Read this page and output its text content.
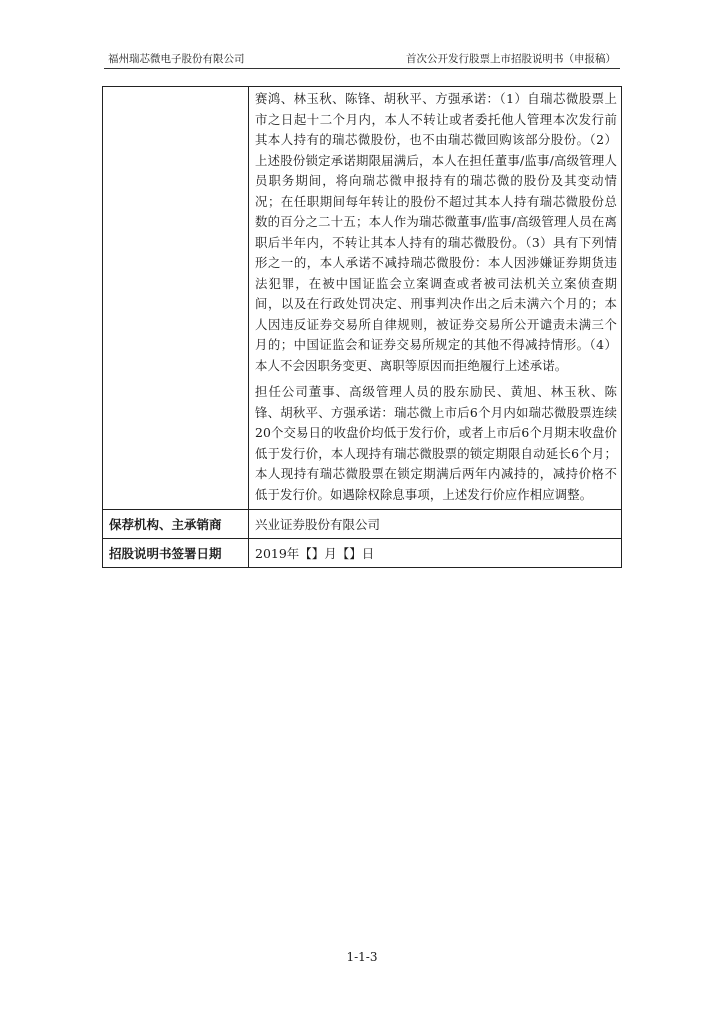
福州瑞芯微电子股份有限公司	首次公开发行股票上市招股说明书（申报稿）

	赛鸿、林玉秋、陈锋、胡秋平、方强承诺：（1）自瑞芯微股票上市之日起十二个月内，本人不转让或者委托他人管理本次发行前其本人持有的瑞芯微股份，也不由瑞芯微回购该部分股份。（2）上述股份锁定承诺期限届满后，本人在担任董事/监事/高级管理人员职务期间，将向瑞芯微申报持有的瑞芯微的股份及其变动情况；在任职期间每年转让的股份不超过其本人持有瑞芯微股份总数的百分之二十五；本人作为瑞芯微董事/监事/高级管理人员在离职后半年内，不转让其本人持有的瑞芯微股份。（3）具有下列情形之一的，本人承诺不减持瑞芯微股份：本人因涉嫌证券期货违法犯罪，在被中国证监会立案调查或者被司法机关立案侦查期间，以及在行政处罚决定、刑事判决作出之后未满六个月的；本人因违反证券交易所自律规则，被证券交易所公开谴责未满三个月的；中国证监会和证券交易所规定的其他不得减持情形。（4）本人不会因职务变更、离职等原因而拒绝履行上述承诺。
担任公司董事、高级管理人员的股东励民、黄旭、林玉秋、陈锋、胡秋平、方强承诺：瑞芯微上市后6个月内如瑞芯微股票连续20个交易日的收盘价均低于发行价，或者上市后6个月期末收盘价低于发行价，本人现持有瑞芯微股票的锁定期限自动延长6个月；本人现持有瑞芯微股票在锁定期满后两年内减持的，减持价格不低于发行价。如遇除权除息事项，上述发行价应作相应调整。

保荐机构、主承销商	兴业证券股份有限公司
招股说明书签署日期	2019年【】月【】日
1-1-3
